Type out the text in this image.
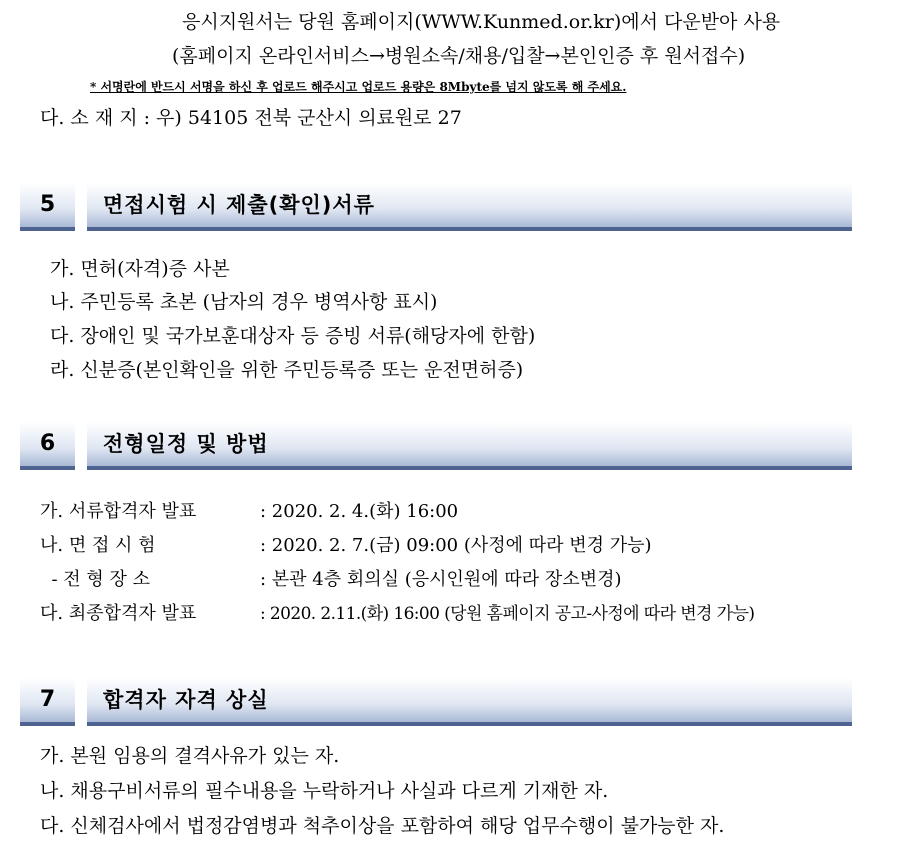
응시지원서는 당원 홈페이지(WWW.Kunmed.or.kr)에서 다운받아 사용
(홈페이지 온라인서비스→병원소속/채용/입찰→본인인증 후 원서접수)
* 서명란에 반드시 서명을 하신 후 업로드 해주시고 업로드 용량은 8Mbyte를 넘지 않도록 해 주세요.
다. 소 재 지 : 우) 54105 전북 군산시 의료원로 27
5	면접시험 시 제출(확인)서류
가. 면허(자격)증 사본
나. 주민등록 초본 (남자의 경우 병역사항 표시)
다. 장애인 및 국가보훈대상자 등 증빙 서류(해당자에 한함)
라. 신분증(본인확인을 위한 주민등록증 또는 운전면허증)
6	전형일정 및 방법
가. 서류합격자 발표	: 2020. 2. 4.(화) 16:00
나. 면 접 시 험	: 2020. 2. 7.(금) 09:00 (사정에 따라 변경 가능)
- 전 형 장 소	: 본관 4층 회의실 (응시인원에 따라 장소변경)
다. 최종합격자 발표	: 2020. 2.11.(화) 16:00 (당원 홈페이지 공고-사정에 따라 변경 가능)
7	합격자 자격 상실
가. 본원 임용의 결격사유가 있는 자.
나. 채용구비서류의 필수내용을 누락하거나 사실과 다르게 기재한 자.
다. 신체검사에서 법정감염병과 척추이상을 포함하여 해당 업무수행이 불가능한 자.
